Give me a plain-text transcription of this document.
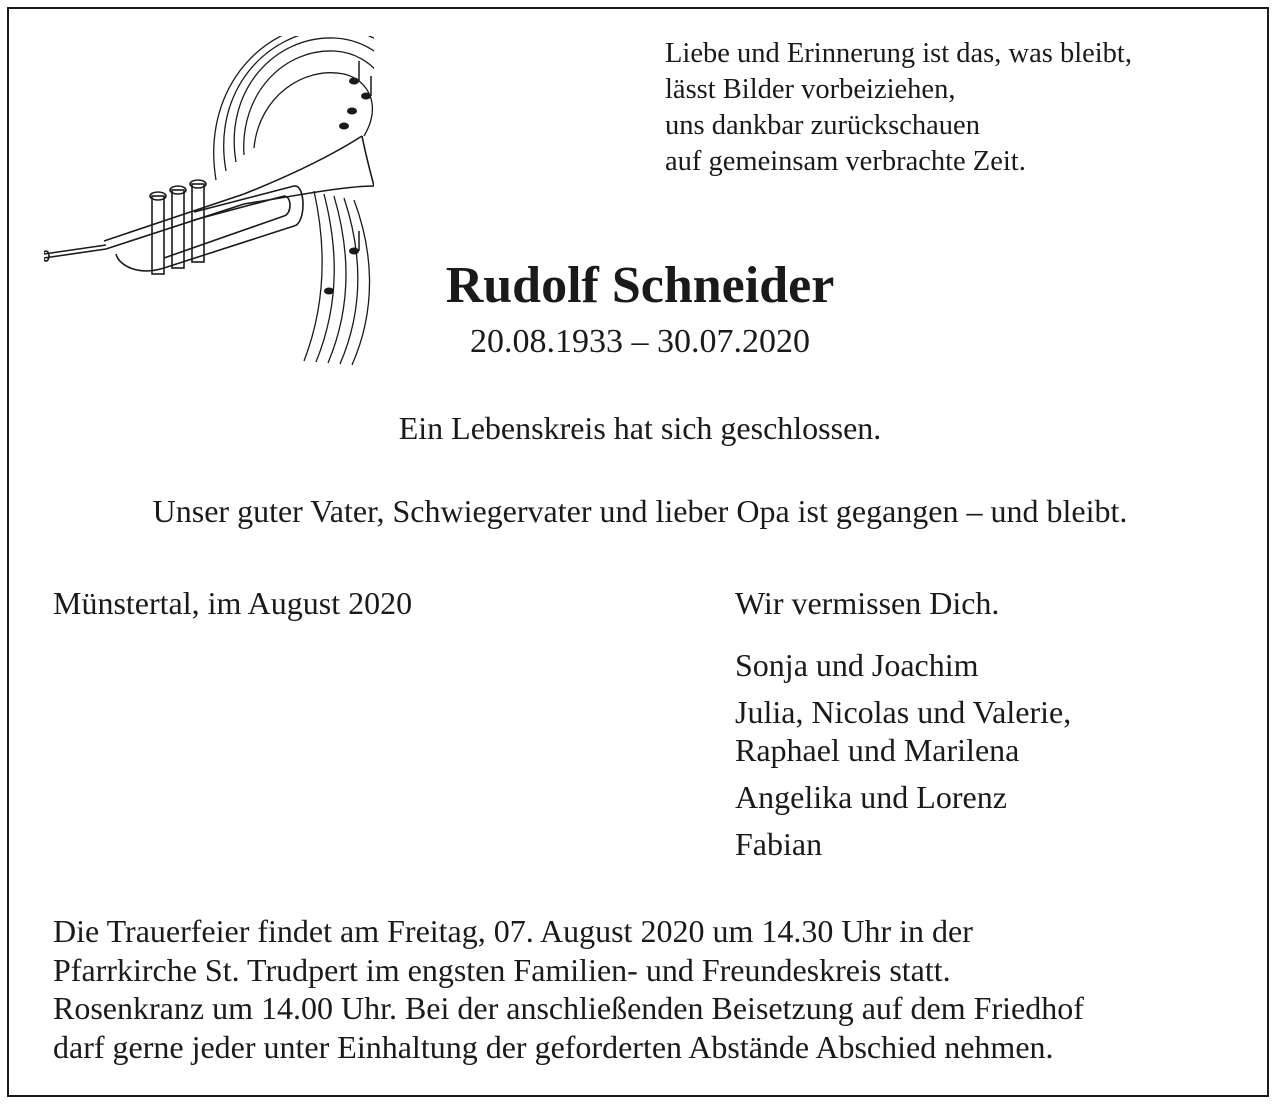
Liebe und Erinnerung ist das, was bleibt,
lässt Bilder vorbeiziehen,
uns dankbar zurückschauen
auf gemeinsam verbrachte Zeit.
Rudolf Schneider
20.08.1933 – 30.07.2020
Ein Lebenskreis hat sich geschlossen.
Unser guter Vater, Schwiegervater und lieber Opa ist gegangen – und bleibt.
Münstertal, im August 2020	Wir vermissen Dich.
Sonja und Joachim
Julia, Nicolas und Valerie,
Raphael und Marilena
Angelika und Lorenz
Fabian
Die Trauerfeier findet am Freitag, 07. August 2020 um 14.30 Uhr in der
Pfarrkirche St. Trudpert im engsten Familien- und Freundeskreis statt.
Rosenkranz um 14.00 Uhr. Bei der anschließenden Beisetzung auf dem Friedhof
darf gerne jeder unter Einhaltung der geforderten Abstände Abschied nehmen.
